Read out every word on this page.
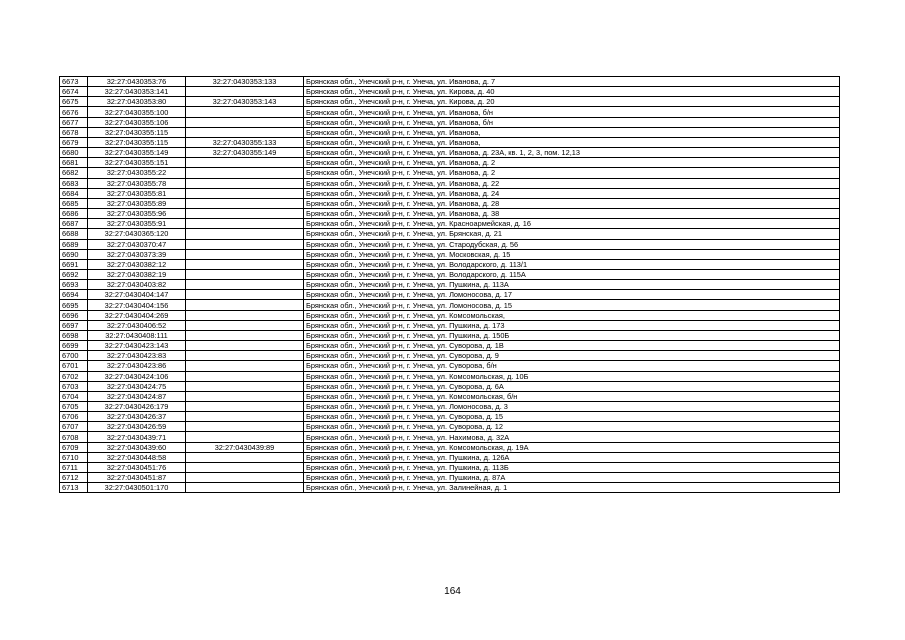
6673	32:27:0430353:76	32:27:0430353:133	Брянская обл., Унечский р-н, г. Унеча, ул. Иванова, д. 7
6674	32:27:0430353:141		Брянская обл., Унечский р-н, г. Унеча, ул. Кирова, д. 40
6675	32:27:0430353:80	32:27:0430353:143	Брянская обл., Унечский р-н, г. Унеча, ул. Кирова, д. 20
6676	32:27:0430355:100		Брянская обл., Унечский р-н, г. Унеча, ул. Иванова, б/н
6677	32:27:0430355:106		Брянская обл., Унечский р-н, г. Унеча, ул. Иванова, б/н
6678	32:27:0430355:115		Брянская обл., Унечский р-н, г. Унеча, ул. Иванова,
6679	32:27:0430355:115	32:27:0430355:133	Брянская обл., Унечский р-н, г. Унеча, ул. Иванова,
6680	32:27:0430355:149	32:27:0430355:149	Брянская обл., Унечский р-н, г. Унеча, ул. Иванова, д. 23А, кв. 1, 2, 3, пом. 12,13
6681	32:27:0430355:151		Брянская обл., Унечский р-н, г. Унеча, ул. Иванова, д. 2
6682	32:27:0430355:22		Брянская обл., Унечский р-н, г. Унеча, ул. Иванова, д. 2
6683	32:27:0430355:78		Брянская обл., Унечский р-н, г. Унеча, ул. Иванова, д. 22
6684	32:27:0430355:81		Брянская обл., Унечский р-н, г. Унеча, ул. Иванова, д. 24
6685	32:27:0430355:89		Брянская обл., Унечский р-н, г. Унеча, ул. Иванова, д. 28
6686	32:27:0430355:96		Брянская обл., Унечский р-н, г. Унеча, ул. Иванова, д. 38
6687	32:27:0430355:91		Брянская обл., Унечский р-н, г. Унеча, ул. Красноармейская, д. 16
6688	32:27:0430365:120		Брянская обл., Унечский р-н, г. Унеча, ул. Брянская, д. 21
6689	32:27:0430370:47		Брянская обл., Унечский р-н, г. Унеча, ул. Стародубская, д. 56
6690	32:27:0430373:39		Брянская обл., Унечский р-н, г. Унеча, ул. Московская, д. 15
6691	32:27:0430382:12		Брянская обл., Унечский р-н, г. Унеча, ул. Володарского, д. 113/1
6692	32:27:0430382:19		Брянская обл., Унечский р-н, г. Унеча, ул. Володарского, д. 115А
6693	32:27:0430403:82		Брянская обл., Унечский р-н, г. Унеча, ул. Пушкина, д. 113А
6694	32:27:0430404:147		Брянская обл., Унечский р-н, г. Унеча, ул. Ломоносова, д. 17
6695	32:27:0430404:156		Брянская обл., Унечский р-н, г. Унеча, ул. Ломоносова, д. 15
6696	32:27:0430404:269		Брянская обл., Унечский р-н, г. Унеча, ул. Комсомольская,
6697	32:27:0430406:52		Брянская обл., Унечский р-н, г. Унеча, ул. Пушкина, д. 173
6698	32:27:0430408:111		Брянская обл., Унечский р-н, г. Унеча, ул. Пушкина, д. 150Б
6699	32:27:0430423:143		Брянская обл., Унечский р-н, г. Унеча, ул. Суворова, д. 1В
6700	32:27:0430423:83		Брянская обл., Унечский р-н, г. Унеча, ул. Суворова, д. 9
6701	32:27:0430423:86		Брянская обл., Унечский р-н, г. Унеча, ул. Суворова, б/н
6702	32:27:0430424:106		Брянская обл., Унечский р-н, г. Унеча, ул. Комсомольская, д. 10Б
6703	32:27:0430424:75		Брянская обл., Унечский р-н, г. Унеча, ул. Суворова, д. 6А
6704	32:27:0430424:87		Брянская обл., Унечский р-н, г. Унеча, ул. Комсомольская, б/н
6705	32:27:0430426:179		Брянская обл., Унечский р-н, г. Унеча, ул. Ломоносова, д. 3
6706	32:27:0430426:37		Брянская обл., Унечский р-н, г. Унеча, ул. Суворова, д. 15
6707	32:27:0430426:59		Брянская обл., Унечский р-н, г. Унеча, ул. Суворова, д. 12
6708	32:27:0430439:71		Брянская обл., Унечский р-н, г. Унеча, ул. Нахимова, д. 32А
6709	32:27:0430439:60	32:27:0430439:89	Брянская обл., Унечский р-н, г. Унеча, ул. Комсомольская, д. 19А
6710	32:27:0430448:58		Брянская обл., Унечский р-н, г. Унеча, ул. Пушкина, д. 126А
6711	32:27:0430451:76		Брянская обл., Унечский р-н, г. Унеча, ул. Пушкина, д. 113Б
6712	32:27:0430451:87		Брянская обл., Унечский р-н, г. Унеча, ул. Пушкина, д. 87А
6713	32:27:0430501:170		Брянская обл., Унечский р-н, г. Унеча, ул. Залинейная, д. 1
164
